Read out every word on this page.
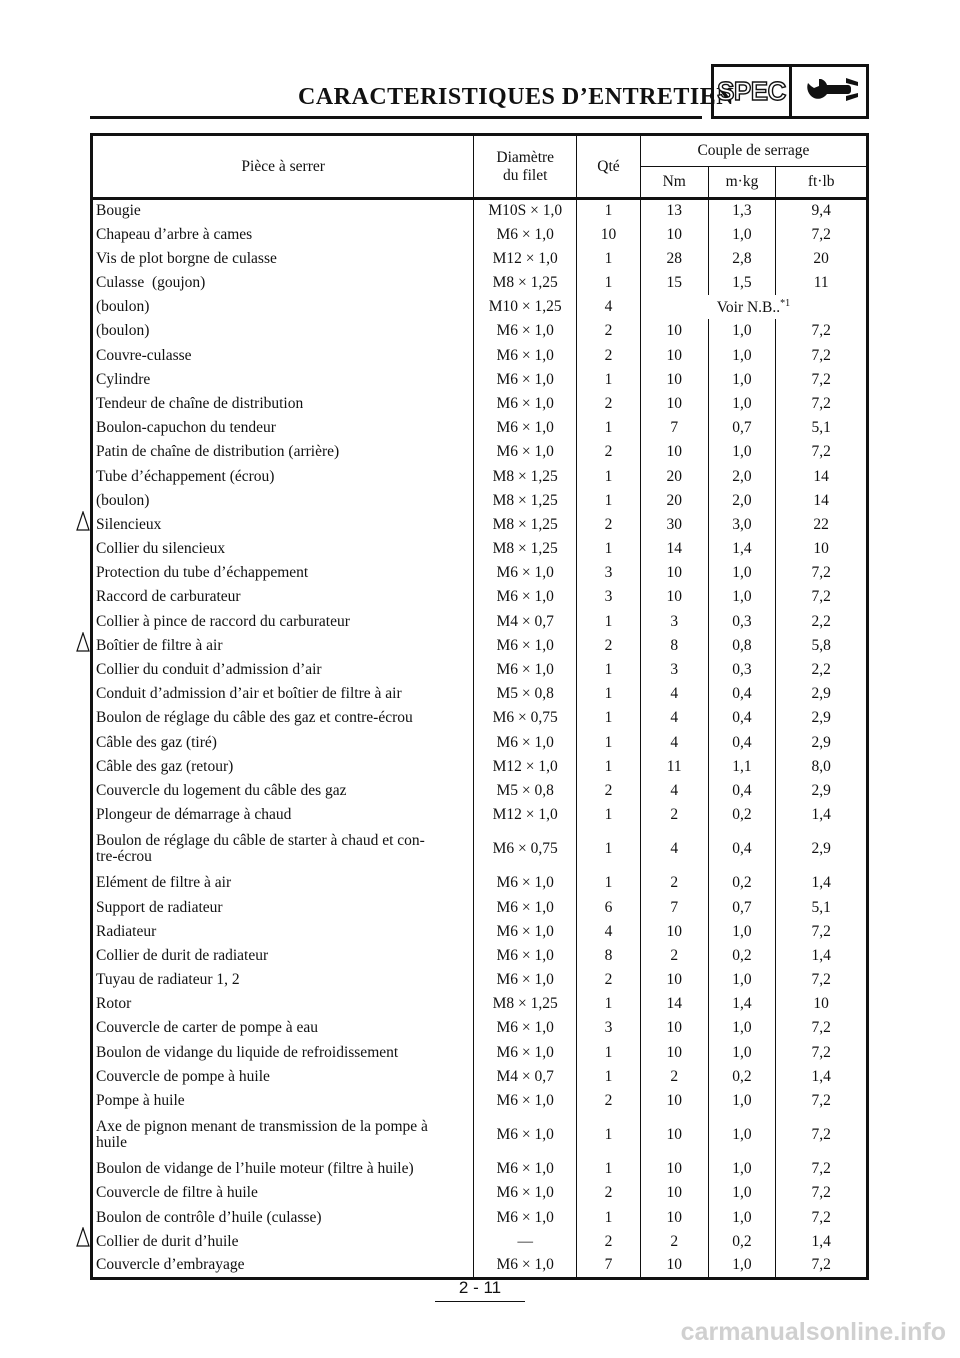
CARACTERISTIQUES D’ENTRETIEN
SPEC
Pièce à serrer	Diamètre du filet	Qté	Couple de serrage		
			Nm	m·kg	ft·lb
Bougie	M10S × 1,0	1	13	1,3	9,4
Chapeau d’arbre à cames	M6 × 1,0	10	10	1,0	7,2
Vis de plot borgne de culasse	M12 × 1,0	1	28	2,8	20
Culasse  (goujon)	M8 × 1,25	1	15	1,5	11
(boulon)	M10 × 1,25	4	Voir N.B..$^{*1}$
(boulon)	M6 × 1,0	2	10	1,0	7,2
Couvre-culasse	M6 × 1,0	2	10	1,0	7,2
Cylindre	M6 × 1,0	1	10	1,0	7,2
Tendeur de chaîne de distribution	M6 × 1,0	2	10	1,0	7,2
Boulon-capuchon du tendeur	M6 × 1,0	1	7	0,7	5,1
Patin de chaîne de distribution (arrière)	M6 × 1,0	2	10	1,0	7,2
Tube d’échappement (écrou)	M8 × 1,25	1	20	2,0	14
(boulon)	M8 × 1,25	1	20	2,0	14
Silencieux	M8 × 1,25	2	30	3,0	22
Collier du silencieux	M8 × 1,25	1	14	1,4	10
Protection du tube d’échappement	M6 × 1,0	3	10	1,0	7,2
Raccord de carburateur	M6 × 1,0	3	10	1,0	7,2
Collier à pince de raccord du carburateur	M4 × 0,7	1	3	0,3	2,2
Boîtier de filtre à air	M6 × 1,0	2	8	0,8	5,8
Collier du conduit d’admission d’air	M6 × 1,0	1	3	0,3	2,2
Conduit d’admission d’air et boîtier de filtre à air	M5 × 0,8	1	4	0,4	2,9
Boulon de réglage du câble des gaz et contre-écrou	M6 × 0,75	1	4	0,4	2,9
Câble des gaz (tiré)	M6 × 1,0	1	4	0,4	2,9
Câble des gaz (retour)	M12 × 1,0	1	11	1,1	8,0
Couvercle du logement du câble des gaz	M5 × 0,8	2	4	0,4	2,9
Plongeur de démarrage à chaud	M12 × 1,0	1	2	0,2	1,4
Boulon de réglage du câble de starter à chaud et con-
tre-écrou	M6 × 0,75	1	4	0,4	2,9
Elément de filtre à air	M6 × 1,0	1	2	0,2	1,4
Support de radiateur	M6 × 1,0	6	7	0,7	5,1
Radiateur	M6 × 1,0	4	10	1,0	7,2
Collier de durit de radiateur	M6 × 1,0	8	2	0,2	1,4
Tuyau de radiateur 1, 2	M6 × 1,0	2	10	1,0	7,2
Rotor	M8 × 1,25	1	14	1,4	10
Couvercle de carter de pompe à eau	M6 × 1,0	3	10	1,0	7,2
Boulon de vidange du liquide de refroidissement	M6 × 1,0	1	10	1,0	7,2
Couvercle de pompe à huile	M4 × 0,7	1	2	0,2	1,4
Pompe à huile	M6 × 1,0	2	10	1,0	7,2
Axe de pignon menant de transmission de la pompe à
huile	M6 × 1,0	1	10	1,0	7,2
Boulon de vidange de l’huile moteur (filtre à huile)	M6 × 1,0	1	10	1,0	7,2
Couvercle de filtre à huile	M6 × 1,0	2	10	1,0	7,2
Boulon de contrôle d’huile (culasse)	M6 × 1,0	1	10	1,0	7,2
Collier de durit d’huile	—	2	2	0,2	1,4
Couvercle d’embrayage	M6 × 1,0	7	10	1,0	7,2
2 - 11
carmanualsonline.info
